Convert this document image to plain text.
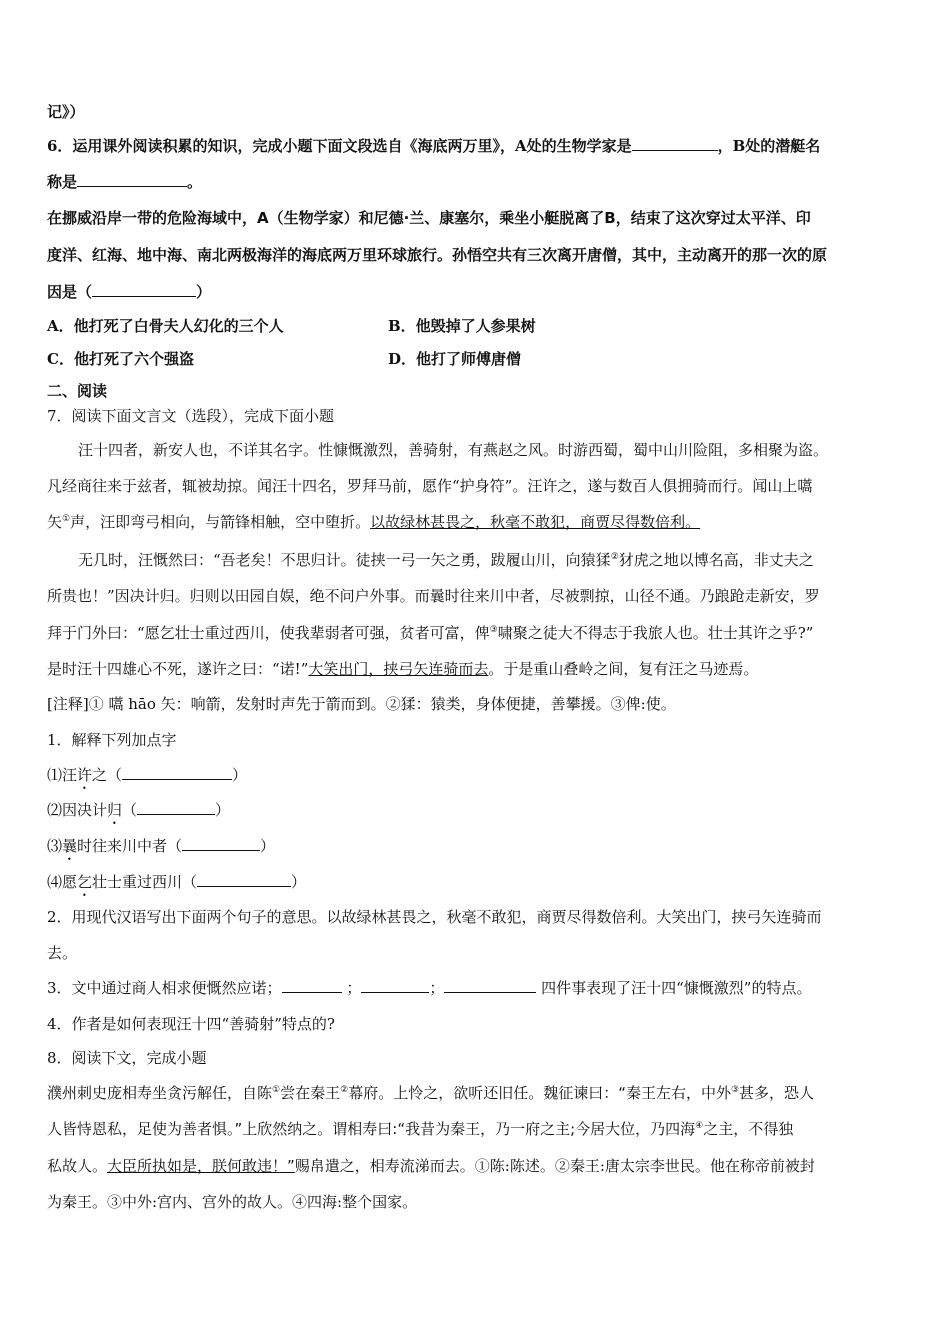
记》）
6．运用课外阅读积累的知识，完成小题下面文段选自《海底两万里》，A处的生物学家是	，B处的潜艇名
称是	。
在挪威沿岸一带的危险海域中，A（生物学家）和尼德·兰、康塞尔，乘坐小艇脱离了B，结束了这次穿过太平洋、印
度洋、红海、地中海、南北两极海洋的海底两万里环球旅行。孙悟空共有三次离开唐僧，其中，主动离开的那一次的原
因是（	）
A．他打死了白骨夫人幻化的三个人	B．他毁掉了人参果树
C．他打死了六个强盗	D．他打了师傅唐僧
二、阅读
7．阅读下面文言文（选段），完成下面小题
汪十四者，新安人也，不详其名字。性慷慨激烈，善骑射，有燕赵之风。时游西蜀，蜀中山川险阻，多相聚为盗。
凡经商往来于兹者，辄被劫掠。闻汪十四名，罗拜马前，愿作“护身符”。汪许之，遂与数百人俱拥骑而行。闻山上嚆
矢①声，汪即弯弓相向，与箭锋相触，空中堕折。以故绿林甚畏之，秋毫不敢犯，商贾尽得数倍利。
无几时，汪慨然曰：“吾老矣！不思归计。徒挟一弓一矢之勇，跋履山川，向猿猱②犲虎之地以博名高，非丈夫之
所贵也！”因决计归。归则以田园自娱，绝不问户外事。而曩时往来川中者，尽被剽掠，山径不通。乃踉跄走新安，罗
拜于门外曰：“愿乞壮士重过西川，使我辈弱者可强，贫者可富，俾③啸聚之徒大不得志于我旅人也。壮士其许之乎?”
是时汪十四雄心不死，遂许之曰：“诺!”大笑出门，挟弓矢连骑而去。于是重山叠岭之间，复有汪之马迹焉。
[注释]① 嚆 hāo 矢：响箭，发射时声先于箭而到。②猱：猿类，身体便捷，善攀援。③俾:使。
1．解释下列加点字
⑴汪许之（	）
⑵因决计归（	）
⑶曩时往来川中者（	）
⑷愿乞壮士重过西川（	）
2．用现代汉语写出下面两个句子的意思。以故绿林甚畏之，秋毫不敢犯，商贾尽得数倍利。大笑出门，挟弓矢连骑而
去。
3．文中通过商人相求便慨然应诺；	；	；	四件事表现了汪十四“慷慨激烈”的特点。
4．作者是如何表现汪十四“善骑射”特点的?
8．阅读下文，完成小题
濮州刺史庞相寿坐贪污解任，自陈①尝在秦王②幕府。上怜之，欲听还旧任。魏征谏曰：“秦王左右，中外③甚多，恐人
人皆恃恩私，足使为善者惧。”上欣然纳之。谓相寿曰:“我昔为秦王，乃一府之主;今居大位，乃四海④之主，不得独
私故人。大臣所执如是，朕何敢违！”赐帛遣之，相寿流涕而去。①陈:陈述。②秦王:唐太宗李世民。他在称帝前被封
为秦王。③中外:宫内、宫外的故人。④四海:整个国家。
